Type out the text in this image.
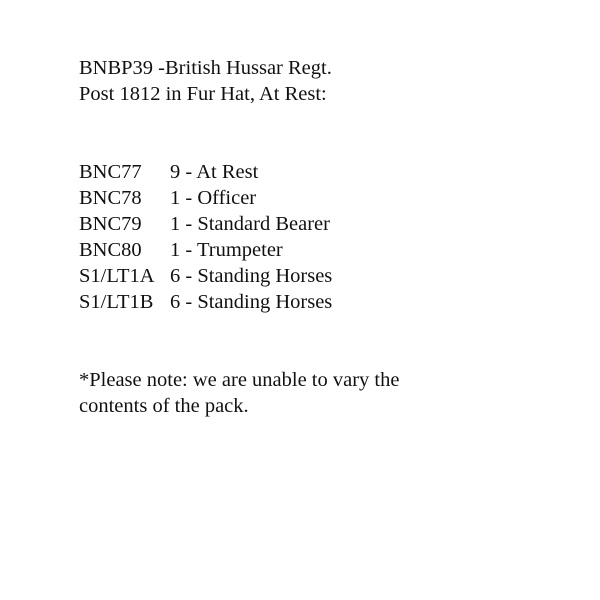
BNBP39 -British Hussar Regt.
Post 1812 in Fur Hat, At Rest:
BNC77	9 - At Rest
BNC78	1 - Officer
BNC79	1 - Standard Bearer
BNC80	1 - Trumpeter
S1/LT1A 6 - Standing Horses
S1/LT1B 6 - Standing Horses
*Please note: we are unable to vary the
contents of the pack.
